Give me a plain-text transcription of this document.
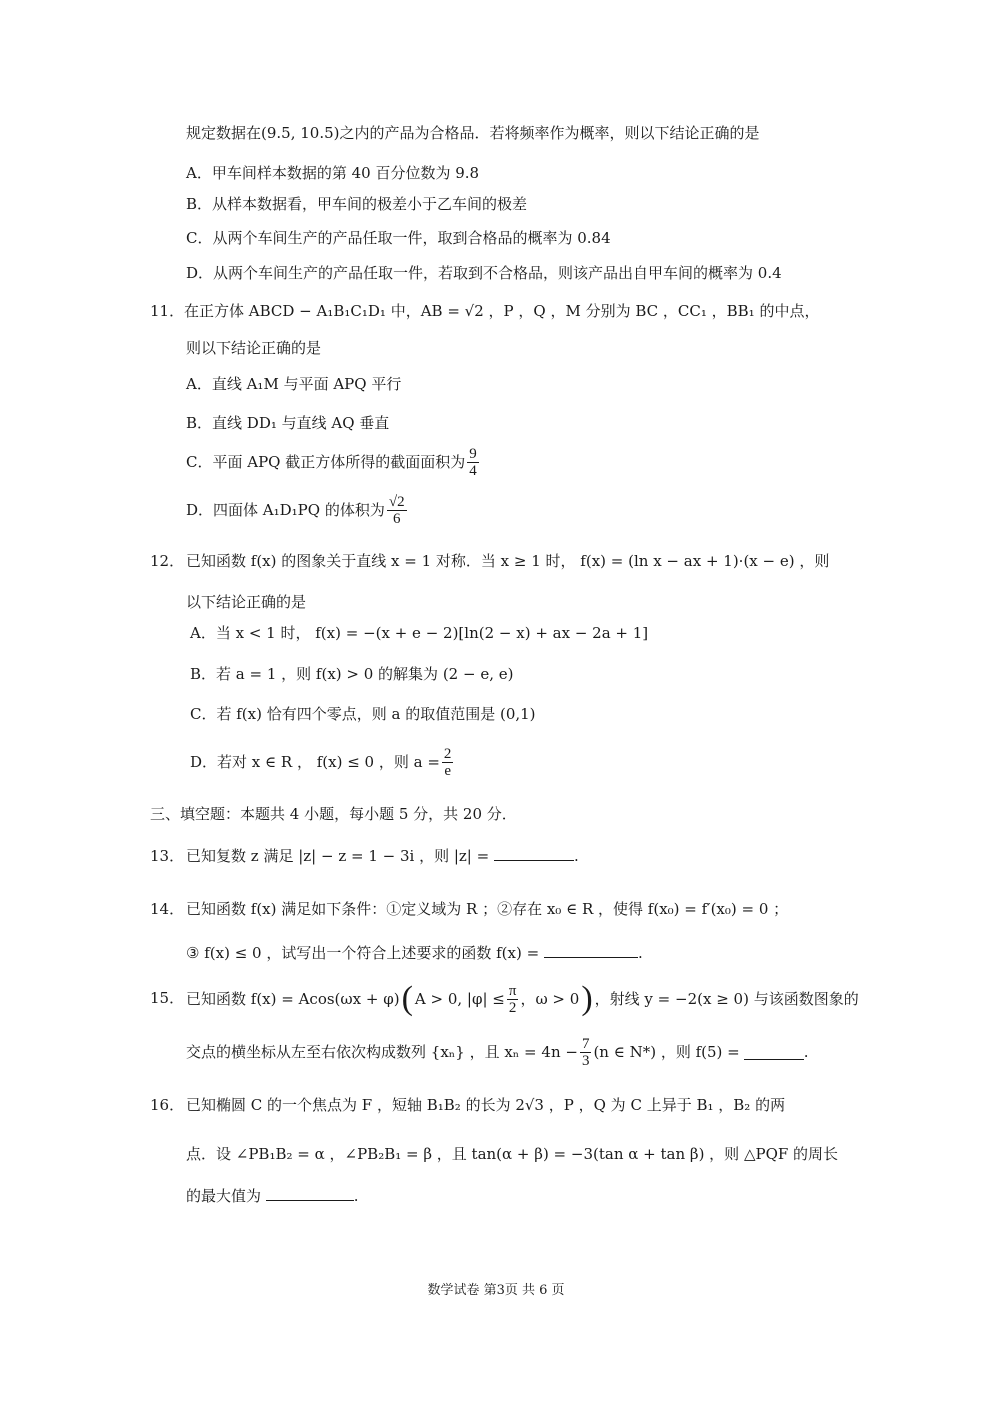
规定数据在(9.5, 10.5)之内的产品为合格品．若将频率作为概率，则以下结论正确的是
A．甲车间样本数据的第 40 百分位数为 9.8
B．从样本数据看，甲车间的极差小于乙车间的极差
C．从两个车间生产的产品任取一件，取到合格品的概率为 0.84
D．从两个车间生产的产品任取一件，若取到不合格品，则该产品出自甲车间的概率为 0.4
11． 在正方体 ABCD − A₁B₁C₁D₁ 中，AB = √2 ，P ，Q ，M 分别为 BC ，CC₁ ，BB₁ 的中点，
则以下结论正确的是
A．直线 A₁M 与平面 APQ 平行
B．直线 DD₁ 与直线 AQ 垂直
C．平面 APQ 截正方体所得的截面面积为 $\frac{9}{4}$
D．四面体 A₁D₁PQ 的体积为 $\frac{√2}{6}$
12． 已知函数 f(x) 的图象关于直线 x = 1 对称．当 x ≥ 1 时， f(x) = (ln x − ax + 1)·(x − e) ，则
以下结论正确的是
A．当 x < 1 时， f(x) = −(x + e − 2)[ln(2 − x) + ax − 2a + 1]
B．若 a = 1 ，则 f(x) > 0 的解集为 (2 − e, e)
C．若 f(x) 恰有四个零点，则 a 的取值范围是 (0,1)
D．若对 x ∈ R ， f(x) ≤ 0 ，则 $a = \frac{2}{e}$
三、填空题：本题共 4 小题，每小题 5 分，共 20 分．
13． 已知复数 z 满足 |z| − z = 1 − 3i ，则 |z| =	.
14． 已知函数 f(x) 满足如下条件：①定义域为 R ；②存在 x₀ ∈ R ，使得 f(x₀) = f′(x₀) = 0 ；
③ f(x) ≤ 0 ，试写出一个符合上述要求的函数 f(x) =	.
15． 已知函数 f(x) = Acos(ωx + φ) ( A > 0, $|\varphi| \le \frac{\pi}{2}$ ，ω > 0 ) ，射线 y = −2(x ≥ 0) 与该函数图象的
交点的横坐标从左至右依次构成数列 {xₙ} ，且 $x_n = 4n - \frac{7}{3} (n$ ∈ N*) ，则 f(5) =	.
16． 已知椭圆 C 的一个焦点为 F ，短轴 B₁B₂ 的长为 2√3 ，P ，Q 为 C 上异于 B₁ ，B₂ 的两
点．设 ∠PB₁B₂ = α ，∠PB₂B₁ = β ，且 tan(α + β) = −3(tan α + tan β) ，则 △PQF 的周长
的最大值为	.
数学试卷 第3页 共 6 页
